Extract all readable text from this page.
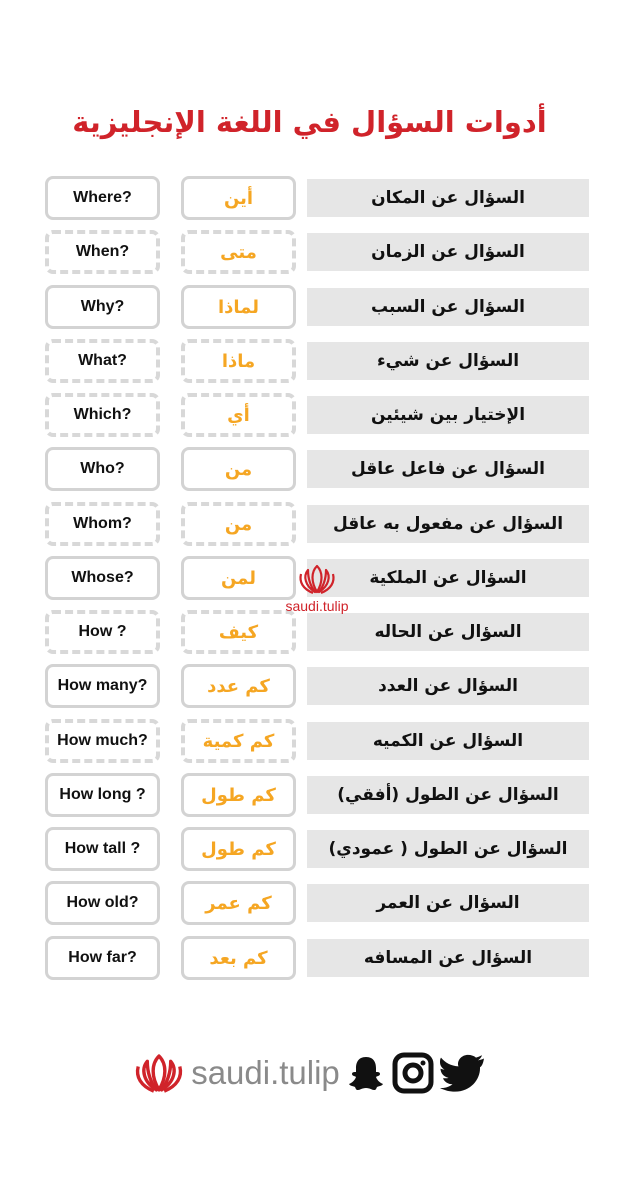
أدوات السؤال في اللغة الإنجليزية
Where?	أين	السؤال عن المكان
When?	متى	السؤال عن الزمان
Why?	لماذا	السؤال عن السبب
What?	ماذا	السؤال عن شيء
Which?	أي	الإختيار بين شيئين
Who?	من	السؤال عن فاعل عاقل
Whom?	من	السؤال عن مفعول به عاقل
Whose?	لمن	السؤال عن الملكية
How ?	كيف	السؤال عن الحاله
How many?	كم عدد	السؤال عن العدد
How much?	كم كمية	السؤال عن الكميه
How long ?	كم طول	السؤال عن الطول (أفقي)
How tall ?	كم طول	السؤال عن الطول ( عمودي)
How old?	كم عمر	السؤال عن العمر
How far?	كم بعد	السؤال عن المسافه
saudi.tulip
saudi.tulip
